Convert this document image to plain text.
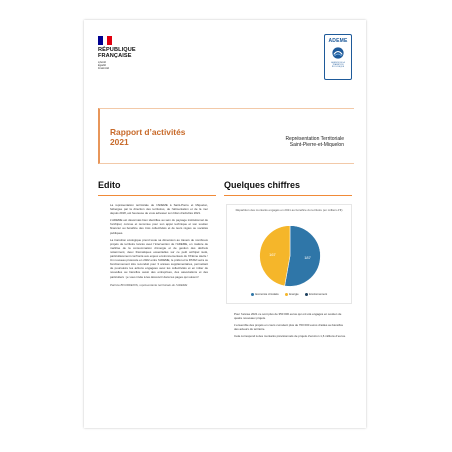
RÉPUBLIQUE
FRANÇAISE
Liberté
Égalité
Fraternité
ADEME
AGENCE DE LA TRANSITION ÉCOLOGIQUE
Rapport d’activités
2021	Représentation Territoriale
Saint-Pierre-et-Miquelon
Edito	Quelques chiffres

La représentation territoriale de l’ADEME à Saint-Pierre et Miquelon, hébergée par la direction des territoires, de l’alimentation et de la mer depuis 2018, est heureuse de vous adresser son bilan d’activités 2021.

L’ADEME est désormais bien identifiée au sein du paysage institutionnel de l’archipel, connue et reconnue pour son appui technique et son soutien financier au bénéfice des trois collectivités et de leurs régies ou sociétés publiques.

La transition écologique prend toute sa dimension au travers de nombreux projets de territoire lancés avec l’intervention de l’ADEME, en matière de maîtrise de la consommation d’énergie et de gestion des déchets notamment, deux thématiques essentielles sur ce petit archipel isolé, particulièrement confronté aux enjeux environnementaux du XXIème siècle ! Un nouveau protocole en 2022 entre l’ADEME, le préfet et la DTAM verra ce fonctionnement être reconduit pour 3 années supplémentaires, permettant de poursuivre les actions engagées avec les collectivités et en initier de nouvelles au bénéfice aussi des entreprises, des associations et des particuliers : je vous invite à les découvrir dans les pages qui suivent !

Patricia BOURDEOIS, représentante territoriale de l’ADEME
Répartition des montants engagés en 2021 au bénéfice du territoire (en milliers d’€)
187
167
Economie circulaire	Energie	Environnement

Pour l’année 2021 ce sont plus de 350 000 euros qui ont été engagés en soutien de quatre nouveaux projets.

L’ensemble des projets en cours cumulent plus de 700 000 euros d’aides au bénéfice des acteurs du territoire.

Cela correspond à des montants prévisionnels de projets d’environ 1,6 millions d’euros.
